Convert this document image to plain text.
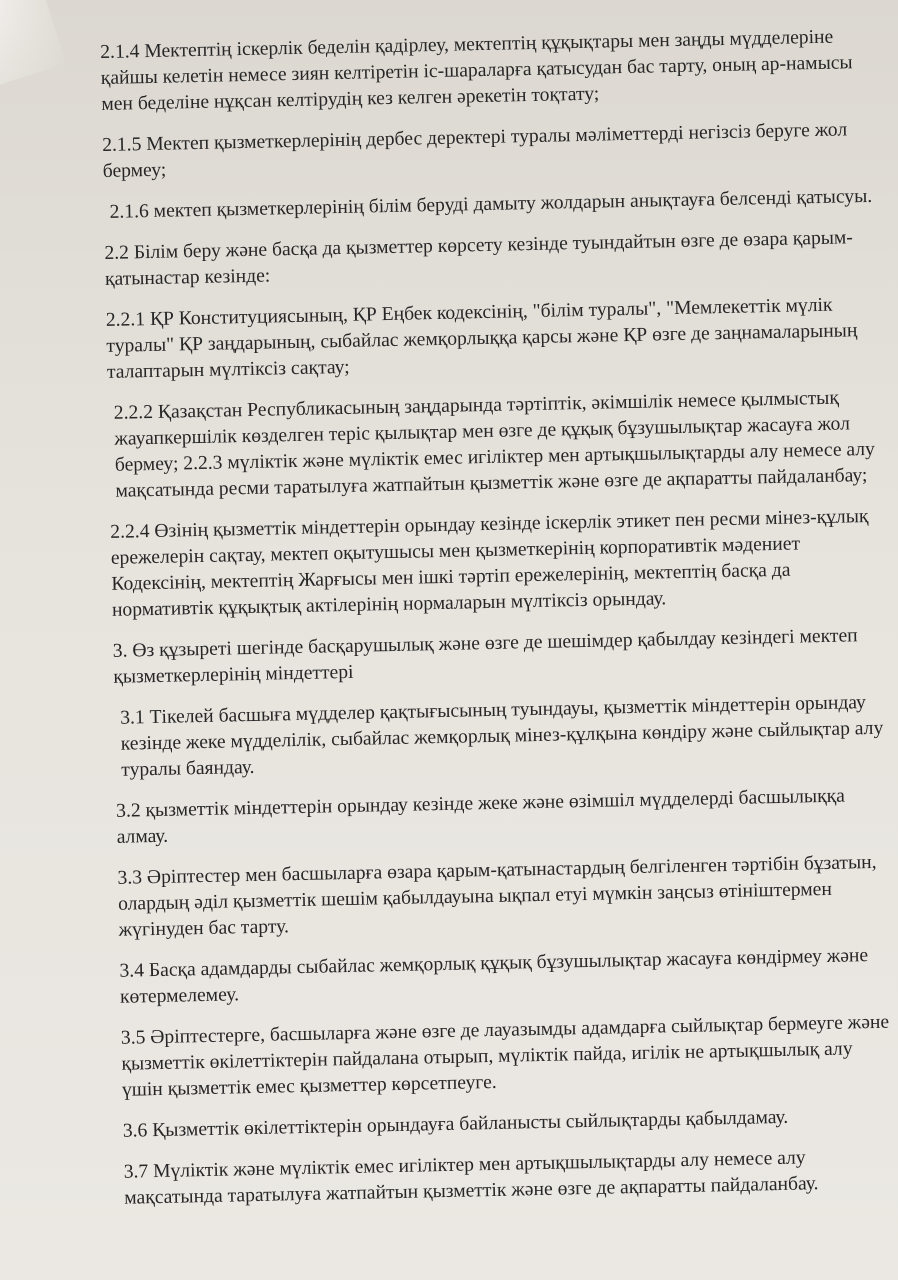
2.1.4 Мектептің іскерлік беделін қадірлеу, мектептің құқықтары мен заңды мүдделеріне қайшы келетін немесе зиян келтіретін іс-шараларға қатысудан бас тарту, оның ар-намысы мен беделіне нұқсан келтірудің кез келген әрекетін тоқтату;

2.1.5 Мектеп қызметкерлерінің дербес деректері туралы мәліметтерді негізсіз беруге жол бермеу;

2.1.6 мектеп қызметкерлерінің білім беруді дамыту жолдарын анықтауға белсенді қатысуы.

2.2 Білім беру және басқа да қызметтер көрсету кезінде туындайтын өзге де өзара қарым-қатынастар кезінде:

2.2.1 ҚР Конституциясының, ҚР Еңбек кодексінің, "білім туралы", "Мемлекеттік мүлік туралы" ҚР заңдарының, сыбайлас жемқорлыққа қарсы және ҚР өзге де заңнамаларының талаптарын мүлтіксіз сақтау;

2.2.2 Қазақстан Республикасының заңдарында тәртіптік, әкімшілік немесе қылмыстық жауапкершілік көзделген теріс қылықтар мен өзге де құқық бұзушылықтар жасауға жол бермеу; 2.2.3 мүліктік және мүліктік емес игіліктер мен артықшылықтарды алу немесе алу мақсатында ресми таратылуға жатпайтын қызметтік және өзге де ақпаратты пайдаланбау;

2.2.4 Өзінің қызметтік міндеттерін орындау кезінде іскерлік этикет пен ресми мінез-құлық ережелерін сақтау, мектеп оқытушысы мен қызметкерінің корпоративтік мәдениет Кодексінің, мектептің Жарғысы мен ішкі тәртіп ережелерінің, мектептің басқа да нормативтік құқықтық актілерінің нормаларын мүлтіксіз орындау.

3. Өз құзыреті шегінде басқарушылық және өзге де шешімдер қабылдау кезіндегі мектеп қызметкерлерінің міндеттері

3.1 Тікелей басшыға мүдделер қақтығысының туындауы, қызметтік міндеттерін орындау кезінде жеке мүдделілік, сыбайлас жемқорлық мінез-құлқына көндіру және сыйлықтар алу туралы баяндау.

3.2 қызметтік міндеттерін орындау кезінде жеке және өзімшіл мүдделерді басшылыққа алмау.

3.3 Әріптестер мен басшыларға өзара қарым-қатынастардың белгіленген тәртібін бұзатын, олардың әділ қызметтік шешім қабылдауына ықпал етуі мүмкін заңсыз өтініштермен жүгінуден бас тарту.

3.4 Басқа адамдарды сыбайлас жемқорлық құқық бұзушылықтар жасауға көндірмеу және көтермелемеу.

3.5 Әріптестерге, басшыларға және өзге де лауазымды адамдарға сыйлықтар бермеуге және қызметтік өкілеттіктерін пайдалана отырып, мүліктік пайда, игілік не артықшылық алу үшін қызметтік емес қызметтер көрсетпеуге.

3.6 Қызметтік өкілеттіктерін орындауға байланысты сыйлықтарды қабылдамау.

3.7 Мүліктік және мүліктік емес игіліктер мен артықшылықтарды алу немесе алу мақсатында таратылуға жатпайтын қызметтік және өзге де ақпаратты пайдаланбау.
